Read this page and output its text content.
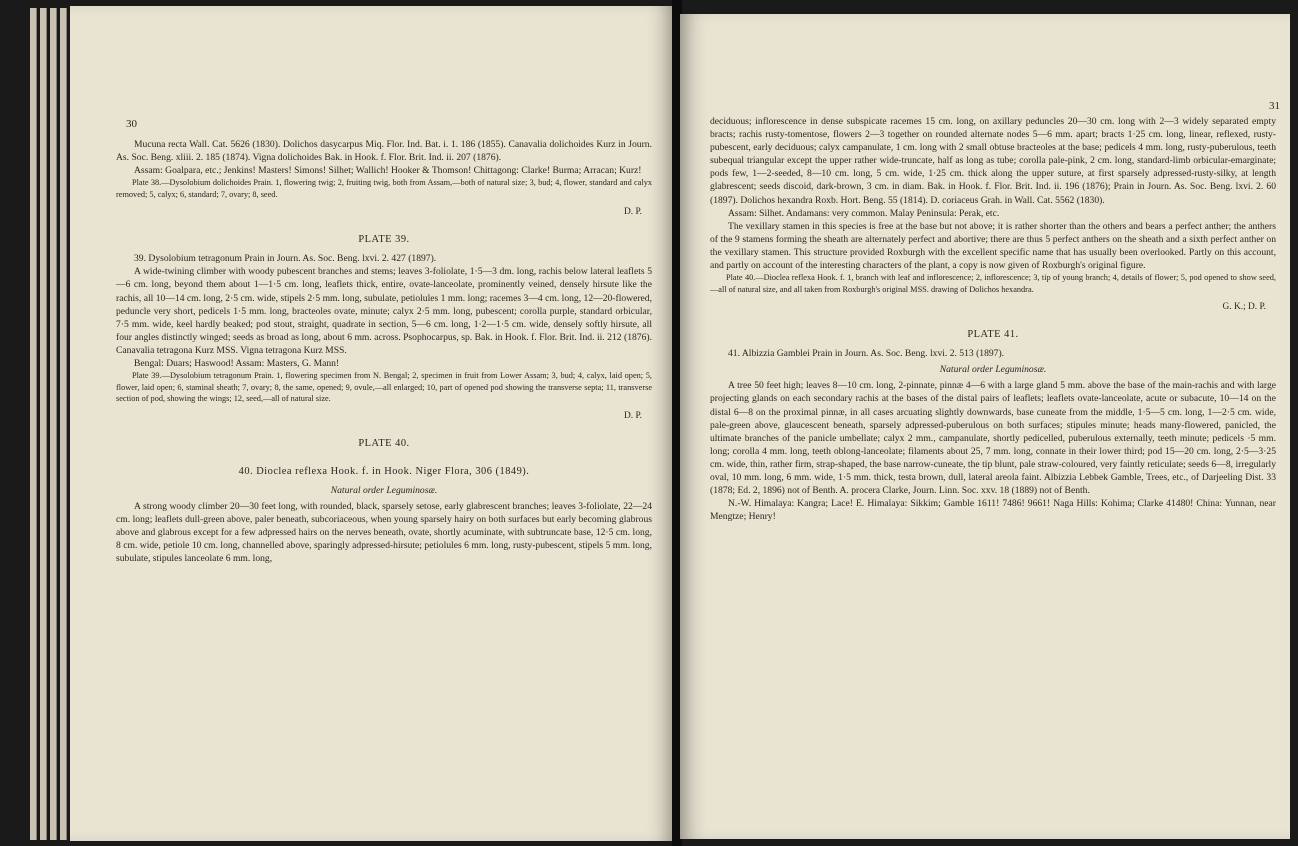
30
31

Mucuna recta Wall. Cat. 5626 (1830). Dolichos dasycarpus Miq. Flor. Ind. Bat. i. 1. 186 (1855). Canavalia dolichoides Kurz in Journ. As. Soc. Beng. xliii. 2. 185 (1874). Vigna dolichoides Bak. in Hook. f. Flor. Brit. Ind. ii. 207 (1876).

Assam: Goalpara, etc.; Jenkins! Masters! Simons! Silhet; Wallich! Hooker & Thomson! Chittagong: Clarke! Burma; Arracan; Kurz!

Plate 38.—Dysolobium dolichoides Prain. 1, flowering twig; 2, fruiting twig, both from Assam,—both of natural size; 3, bud; 4, flower, standard and calyx removed; 5, calyx; 6, standard; 7, ovary; 8, seed.

D. P.

PLATE 39.

39. Dysolobium tetragonum Prain in Journ. As. Soc. Beng. lxvi. 2. 427 (1897).

A wide-twining climber with woody pubescent branches and stems; leaves 3-foliolate, 1·5—3 dm. long, rachis below lateral leaflets 5—6 cm. long, beyond them about 1—1·5 cm. long, leaflets thick, entire, ovate-lanceolate, prominently veined, densely hirsute like the rachis, all 10—14 cm. long, 2·5 cm. wide, stipels 2·5 mm. long, subulate, petiolules 1 mm. long; racemes 3—4 cm. long, 12—20-flowered, peduncle very short, pedicels 1·5 mm. long, bracteoles ovate, minute; calyx 2·5 mm. long, pubescent; corolla purple, standard orbicular, 7·5 mm. wide, keel hardly beaked; pod stout, straight, quadrate in section, 5—6 cm. long, 1·2—1·5 cm. wide, densely softly hirsute, all four angles distinctly winged; seeds as broad as long, about 6 mm. across. Psophocarpus, sp. Bak. in Hook. f. Flor. Brit. Ind. ii. 212 (1876). Canavalia tetragona Kurz MSS. Vigna tetragona Kurz MSS.

Bengal: Duars; Haswood! Assam: Masters, G. Mann!

Plate 39.—Dysolobium tetragonum Prain. 1, flowering specimen from N. Bengal; 2, specimen in fruit from Lower Assam; 3, bud; 4, calyx, laid open; 5, flower, laid open; 6, staminal sheath; 7, ovary; 8, the same, opened; 9, ovule,—all enlarged; 10, part of opened pod showing the transverse septa; 11, transverse section of pod, showing the wings; 12, seed,—all of natural size.

D. P.

PLATE 40.

40. Dioclea reflexa Hook. f. in Hook. Niger Flora, 306 (1849).

Natural order Leguminosæ.

A strong woody climber 20—30 feet long, with rounded, black, sparsely setose, early glabrescent branches; leaves 3-foliolate, 22—24 cm. long; leaflets dull-green above, paler beneath, subcoriaceous, when young sparsely hairy on both surfaces but early becoming glabrous above and glabrous except for a few adpressed hairs on the nerves beneath, ovate, shortly acuminate, with subtruncate base, 12·5 cm. long, 8 cm. wide, petiole 10 cm. long, channelled above, sparingly adpressed-hirsute; petiolules 6 mm. long, rusty-pubescent, stipels 5 mm. long, subulate, stipules lanceolate 6 mm. long,

deciduous; inflorescence in dense subspicate racemes 15 cm. long, on axillary peduncles 20—30 cm. long with 2—3 widely separated empty bracts; rachis rusty-tomentose, flowers 2—3 together on rounded alternate nodes 5—6 mm. apart; bracts 1·25 cm. long, linear, reflexed, rusty-pubescent, early deciduous; calyx campanulate, 1 cm. long with 2 small obtuse bracteoles at the base; pedicels 4 mm. long, rusty-puberulous, teeth subequal triangular except the upper rather wide-truncate, half as long as tube; corolla pale-pink, 2 cm. long, standard-limb orbicular-emarginate; pods few, 1—2-seeded, 8—10 cm. long, 5 cm. wide, 1·25 cm. thick along the upper suture, at first sparsely adpressed-rusty-silky, at length glabrescent; seeds discoid, dark-brown, 3 cm. in diam. Bak. in Hook. f. Flor. Brit. Ind. ii. 196 (1876); Prain in Journ. As. Soc. Beng. lxvi. 2. 60 (1897). Dolichos hexandra Roxb. Hort. Beng. 55 (1814). D. coriaceus Grah. in Wall. Cat. 5562 (1830).

Assam: Silhet. Andamans: very common. Malay Peninsula: Perak, etc.

The vexillary stamen in this species is free at the base but not above; it is rather shorter than the others and bears a perfect anther; the anthers of the 9 stamens forming the sheath are alternately perfect and abortive; there are thus 5 perfect anthers on the sheath and a sixth perfect anther on the vexillary stamen. This structure provided Roxburgh with the excellent specific name that has usually been overlooked. Partly on this account, and partly on account of the interesting characters of the plant, a copy is now given of Roxburgh's original figure.

Plate 40.—Dioclea reflexa Hook. f. 1, branch with leaf and inflorescence; 2, inflorescence; 3, tip of young branch; 4, details of flower; 5, pod opened to show seed,—all of natural size, and all taken from Roxburgh's original MSS. drawing of Dolichos hexandra.

G. K.; D. P.

PLATE 41.

41. Albizzia Gamblei Prain in Journ. As. Soc. Beng. lxvi. 2. 513 (1897).

Natural order Leguminosæ.

A tree 50 feet high; leaves 8—10 cm. long, 2-pinnate, pinnæ 4—6 with a large gland 5 mm. above the base of the main-rachis and with large projecting glands on each secondary rachis at the bases of the distal pairs of leaflets; leaflets ovate-lanceolate, acute or subacute, 10—14 on the distal 6—8 on the proximal pinnæ, in all cases arcuating slightly downwards, base cuneate from the middle, 1·5—5 cm. long, 1—2·5 cm. wide, pale-green above, glaucescent beneath, sparsely adpressed-puberulous on both surfaces; stipules minute; heads many-flowered, panicled, the ultimate branches of the panicle umbellate; calyx 2 mm., campanulate, shortly pedicelled, puberulous externally, teeth minute; pedicels ·5 mm. long; corolla 4 mm. long, teeth oblong-lanceolate; filaments about 25, 7 mm. long, connate in their lower third; pod 15—20 cm. long, 2·5—3·25 cm. wide, thin, rather firm, strap-shaped, the base narrow-cuneate, the tip blunt, pale straw-coloured, very faintly reticulate; seeds 6—8, irregularly oval, 10 mm. long, 6 mm. wide, 1·5 mm. thick, testa brown, dull, lateral areola faint. Albizzia Lebbek Gamble, Trees, etc., of Darjeeling Dist. 33 (1878; Ed. 2, 1896) not of Benth. A. procera Clarke, Journ. Linn. Soc. xxv. 18 (1889) not of Benth.

N.-W. Himalaya: Kangra; Lace! E. Himalaya: Sikkim; Gamble 1611! 7486! 9661! Naga Hills: Kohima; Clarke 41480! China: Yunnan, near Mengtze; Henry!
